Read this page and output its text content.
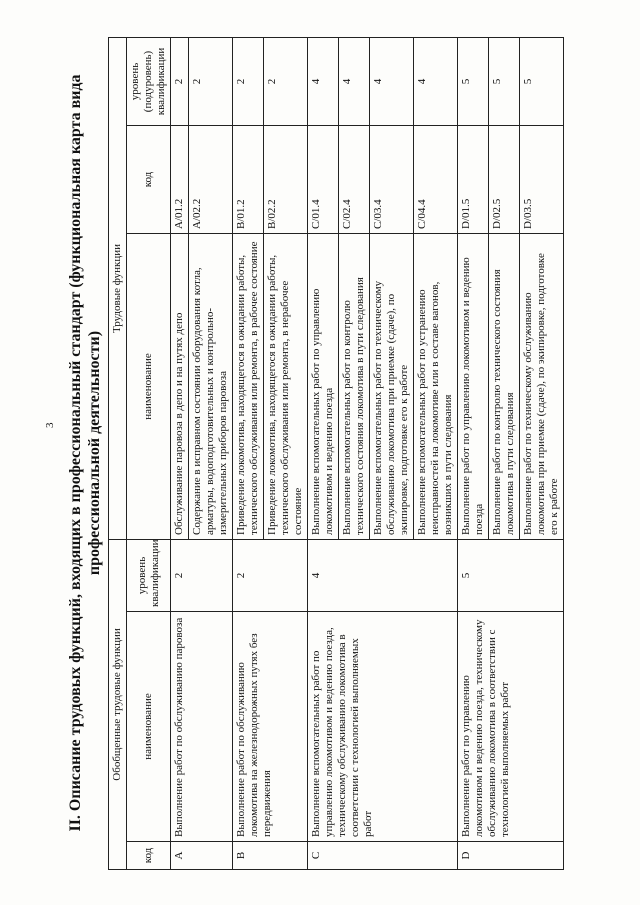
3 II. Описание трудовых функций, входящих в профессиональный стандарт (функциональная карта вида профессиональной деятельности)
Обобщенные трудовые функции			Трудовые функции		
код	наименование	уровень квалификации	наименование	код	уровень (подуровень) квалификации
A	Выполнение работ по обслуживанию паровоза	2	Обслуживание паровоза в депо и на путях депо	A/01.2	2
			Содержание в исправном состоянии оборудования котла, арматуры, водоподготовительных и контрольно-измерительных приборов паровоза	A/02.2	2
B	Выполнение работ по обслуживанию локомотива на железнодорожных путях без передвижения	2	Приведение локомотива, находящегося в ожидании работы, технического обслуживания или ремонта, в рабочее состояние	B/01.2	2
			Приведение локомотива, находящегося в ожидании работы, технического обслуживания или ремонта, в нерабочее состояние	B/02.2	2
C	Выполнение вспомогательных работ по управлению локомотивом и ведению поезда, техническому обслуживанию локомотива в соответствии с технологией выполняемых работ	4	Выполнение вспомогательных работ по управлению локомотивом и ведению поезда	C/01.4	4
			Выполнение вспомогательных работ по контролю технического состояния локомотива в пути следования	C/02.4	4
			Выполнение вспомогательных работ по техническому обслуживанию локомотива при приемке (сдаче), по экипировке, подготовке его к работе	C/03.4	4
			Выполнение вспомогательных работ по устранению неисправностей на локомотиве или в составе вагонов, возникших в пути следования	C/04.4	4
D	Выполнение работ по управлению локомотивом и ведению поезда, техническому обслуживанию локомотива в соответствии с технологией выполняемых работ	5	Выполнение работ по управлению локомотивом и ведению поезда	D/01.5	5
			Выполнение работ по контролю технического состояния локомотива в пути следования	D/02.5	5
			Выполнение работ по техническому обслуживанию локомотива при приемке (сдаче), по экипировке, подготовке его к работе	D/03.5	5
